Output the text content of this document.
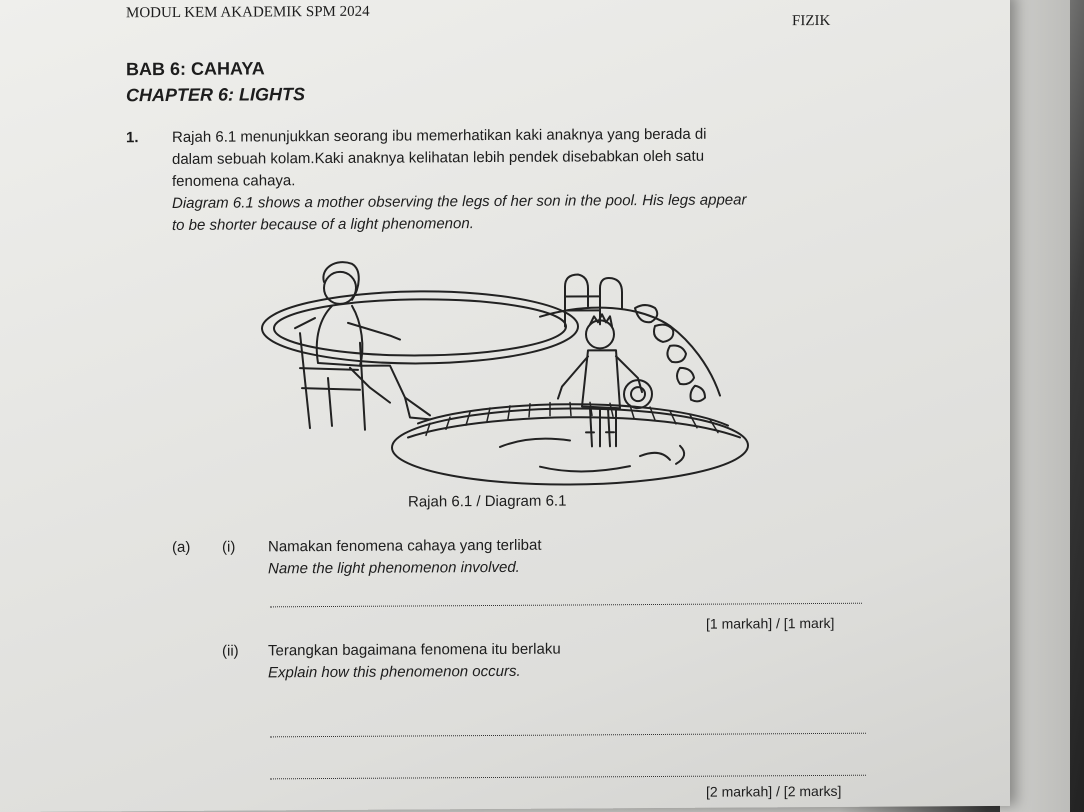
MODUL KEM AKADEMIK SPM 2024	FIZIK
BAB 6: CAHAYA
CHAPTER 6: LIGHTS
1. Rajah 6.1 menunjukkan seorang ibu memerhatikan kaki anaknya yang berada di
dalam sebuah kolam.Kaki anaknya kelihatan lebih pendek disebabkan oleh satu
fenomena cahaya.
Diagram 6.1 shows a mother observing the legs of her son in the pool. His legs appear
to be shorter because of a light phenomenon.
Rajah 6.1 / Diagram 6.1
(a) (i) Namakan fenomena cahaya yang terlibat
Name the light phenomenon involved.
[1 markah] / [1 mark]
(ii) Terangkan bagaimana fenomena itu berlaku
Explain how this phenomenon occurs.
[2 markah] / [2 marks]
